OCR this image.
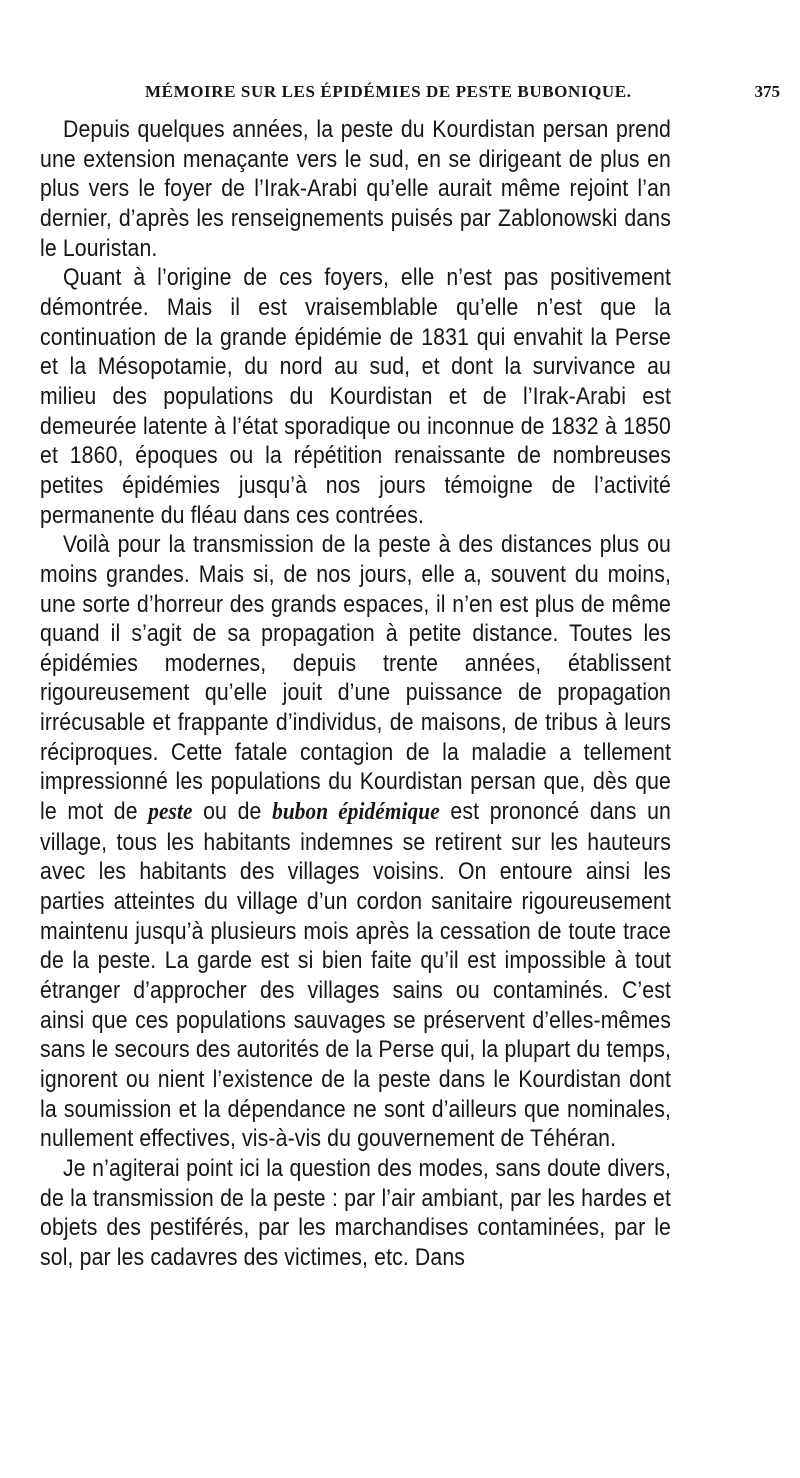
MÉMOIRE SUR LES ÉPIDÉMIES DE PESTE BUBONIQUE.	375

Depuis quelques années, la peste du Kourdistan persan prend une extension menaçante vers le sud, en se dirigeant de plus en plus vers le foyer de l’Irak-Arabi qu’elle aurait même rejoint l’an dernier, d’après les renseignements puisés par Zablonowski dans le Louristan.

Quant à l’origine de ces foyers, elle n’est pas positivement démontrée. Mais il est vraisemblable qu’elle n’est que la continuation de la grande épidémie de 1831 qui envahit la Perse et la Mésopotamie, du nord au sud, et dont la survivance au milieu des populations du Kourdistan et de l’Irak-Arabi est demeurée latente à l’état sporadique ou inconnue de 1832 à 1850 et 1860, époques ou la répétition renaissante de nombreuses petites épidémies jusqu’à nos jours témoigne de l’activité permanente du fléau dans ces contrées.

Voilà pour la transmission de la peste à des distances plus ou moins grandes. Mais si, de nos jours, elle a, souvent du moins, une sorte d’horreur des grands espaces, il n’en est plus de même quand il s’agit de sa propagation à petite distance. Toutes les épidémies modernes, depuis trente années, établissent rigoureusement qu’elle jouit d’une puissance de propagation irrécusable et frappante d’individus, de maisons, de tribus à leurs réciproques. Cette fatale contagion de la maladie a tellement impressionné les populations du Kourdistan persan que, dès que le mot de peste ou de bubon épidémique est prononcé dans un village, tous les habitants indemnes se retirent sur les hauteurs avec les habitants des villages voisins. On entoure ainsi les parties atteintes du village d’un cordon sanitaire rigoureusement maintenu jusqu’à plusieurs mois après la cessation de toute trace de la peste. La garde est si bien faite qu’il est impossible à tout étranger d’approcher des villages sains ou contaminés. C’est ainsi que ces populations sauvages se préservent d’elles-mêmes sans le secours des autorités de la Perse qui, la plupart du temps, ignorent ou nient l’existence de la peste dans le Kourdistan dont la soumission et la dépendance ne sont d’ailleurs que nominales, nullement effectives, vis-à-vis du gouvernement de Téhéran.

Je n’agiterai point ici la question des modes, sans doute divers, de la transmission de la peste : par l’air ambiant, par les hardes et objets des pestiférés, par les marchandises contaminées, par le sol, par les cadavres des victimes, etc. Dans
